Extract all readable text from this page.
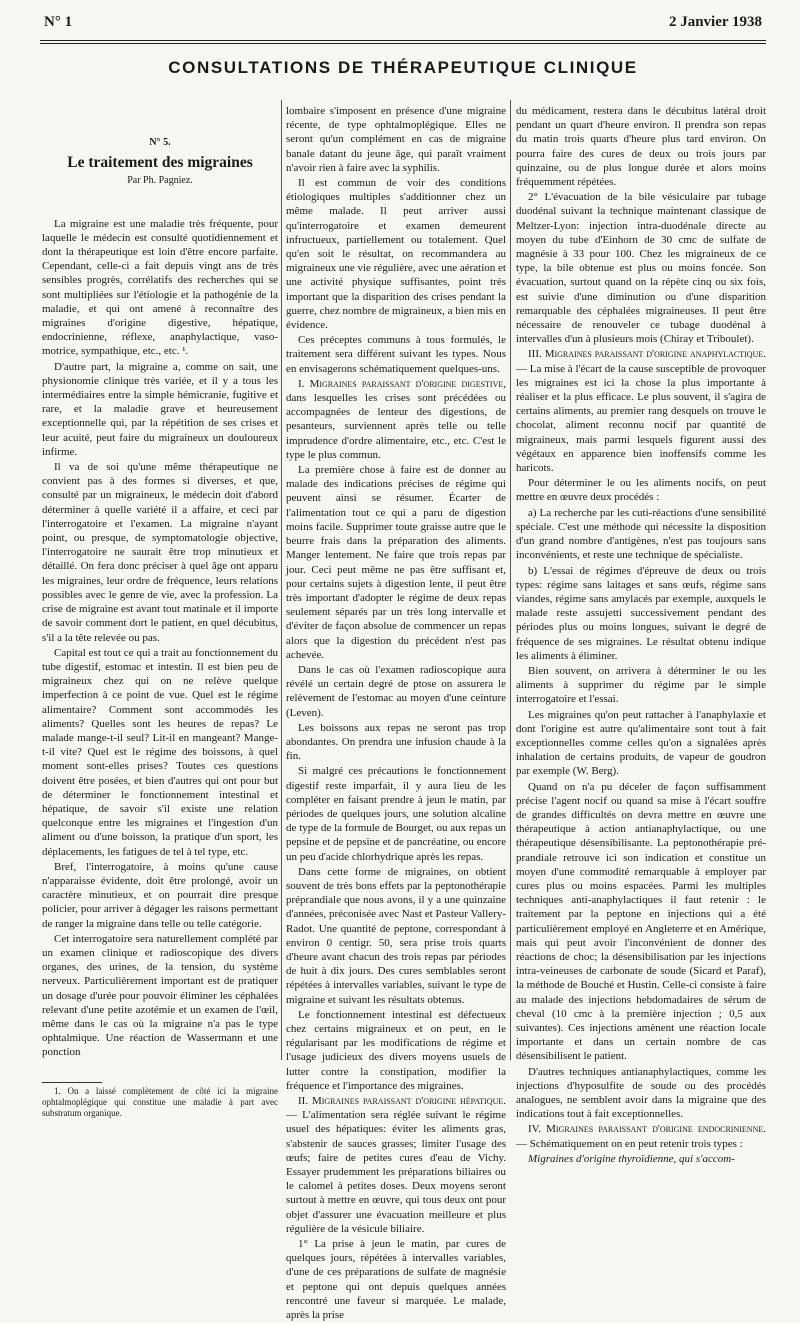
N° 1	2 Janvier 1938
CONSULTATIONS DE THÉRAPEUTIQUE CLINIQUE
N° 5.
Le traitement des migraines
Par Ph. Pagniez.

La migraine est une maladie très fréquente, pour laquelle le médecin est consulté quotidiennement et dont la thérapeutique est loin d'être encore parfaite. Cependant, celle-ci a fait depuis vingt ans de très sensibles progrès, corrélatifs des recherches qui se sont multipliées sur l'étiologie et la pathogénie de la maladie, et qui ont amené à reconnaître des migraines d'origine digestive, hépatique, endocrinienne, réflexe, anaphylactique, vaso-motrice, sympathique, etc., etc. ¹.

D'autre part, la migraine a, comme on sait, une physionomie clinique très variée, et il y a tous les intermédiaires entre la simple hémicranie, fugitive et rare, et la maladie grave et heureusement exceptionnelle qui, par la répétition de ses crises et leur acuité, peut faire du migraineux un douloureux infirme.

Il va de soi qu'une même thérapeutique ne convient pas à des formes si diverses, et que, consulté par un migraineux, le médecin doit d'abord déterminer à quelle variété il a affaire, et ceci par l'interrogatoire et l'examen. La migraine n'ayant point, ou presque, de symptomatologie objective, l'interrogatoire ne saurait être trop minutieux et détaillé. On fera donc préciser à quel âge ont apparu les migraines, leur ordre de fréquence, leurs relations possibles avec le genre de vie, avec la profession. La crise de migraine est avant tout matinale et il importe de savoir comment dort le patient, en quel décubitus, s'il a la tête relevée ou pas.

Capital est tout ce qui a trait au fonctionnement du tube digestif, estomac et intestin. Il est bien peu de migraineux chez qui on ne relève quelque imperfection à ce point de vue. Quel est le régime alimentaire? Comment sont accommodés les aliments? Quelles sont les heures de repas? Le malade mange-t-il seul? Lit-il en mangeant? Mange-t-il vite? Quel est le régime des boissons, à quel moment sont-elles prises? Toutes ces questions doivent être posées, et bien d'autres qui ont pour but de déterminer le fonctionnement intestinal et hépatique, de savoir s'il existe une relation quelconque entre les migraines et l'ingestion d'un aliment ou d'une boisson, la pratique d'un sport, les déplacements, les fatigues de tel à tel type, etc.

Bref, l'interrogatoire, à moins qu'une cause n'apparaisse évidente, doit être prolongé, avoir un caractère minutieux, et on pourrait dire presque policier, pour arriver à dégager les raisons permettant de ranger la migraine dans telle ou telle catégorie.

Cet interrogatoire sera naturellement complété par un examen clinique et radioscopique des divers organes, des urines, de la tension, du système nerveux. Particulièrement important est de pratiquer un dosage d'urée pour pouvoir éliminer les céphalées relevant d'une petite azotémie et un examen de l'œil, même dans le cas où la migraine n'a pas le type ophtalmique. Une réaction de Wassermann et une ponction

1. On a laissé complètement de côté ici la migraine ophtalmoplégique qui constitue une maladie à part avec substratum organique.

lombaire s'imposent en présence d'une migraine récente, de type ophtalmoplégique. Elles ne seront qu'un complément en cas de migraine banale datant du jeune âge, qui paraît vraiment n'avoir rien à faire avec la syphilis.

Il est commun de voir des conditions étiologiques multiples s'additionner chez un même malade. Il peut arriver aussi qu'interrogatoire et examen demeurent infructueux, partiellement ou totalement. Quel qu'en soit le résultat, on recommandera au migraineux une vie régulière, avec une aération et une activité physique suffisantes, point très important que la disparition des crises pendant la guerre, chez nombre de migraineux, a bien mis en évidence.

Ces préceptes communs à tous formulés, le traitement sera différent suivant les types. Nous en envisagerons schématiquement quelques-uns.

I. Migraines paraissant d'origine digestive, dans lesquelles les crises sont précédées ou accompagnées de lenteur des digestions, de pesanteurs, surviennent après telle ou telle imprudence d'ordre alimentaire, etc., etc. C'est le type le plus commun.

La première chose à faire est de donner au malade des indications précises de régime qui peuvent ainsi se résumer. Écarter de l'alimentation tout ce qui a paru de digestion moins facile. Supprimer toute graisse autre que le beurre frais dans la préparation des aliments. Manger lentement. Ne faire que trois repas par jour. Ceci peut même ne pas être suffisant et, pour certains sujets à digestion lente, il peut être très important d'adopter le régime de deux repas seulement séparés par un très long intervalle et d'éviter de façon absolue de commencer un repas alors que la digestion du précédent n'est pas achevée.

Dans le cas où l'examen radioscopique aura révélé un certain degré de ptose on assurera le relèvement de l'estomac au moyen d'une ceinture (Leven).

Les boissons aux repas ne seront pas trop abondantes. On prendra une infusion chaude à la fin.

Si malgré ces précautions le fonctionnement digestif reste imparfait, il y aura lieu de les compléter en faisant prendre à jeun le matin, par périodes de quelques jours, une solution alcaline de type de la formule de Bourget, ou aux repas un pepsine et de pepsine et de pancréatine, ou encore un peu d'acide chlorhydrique après les repas.

Dans cette forme de migraines, on obtient souvent de très bons effets par la peptonothérapie préprandiale que nous avons, il y a une quinzaine d'années, préconisée avec Nast et Pasteur Vallery-Radot. Une quantité de peptone, correspondant à environ 0 centigr. 50, sera prise trois quarts d'heure avant chacun des trois repas par périodes de huit à dix jours. Des cures semblables seront répétées à intervalles variables, suivant le type de migraine et suivant les résultats obtenus.

Le fonctionnement intestinal est défectueux chez certains migraineux et on peut, en le régularisant par les modifications de régime et l'usage judicieux des divers moyens usuels de lutter contre la constipation, modifier la fréquence et l'importance des migraines.

II. Migraines paraissant d'origine hépatique. — L'alimentation sera réglée suivant le régime usuel des hépatiques: éviter les aliments gras, s'abstenir de sauces grasses; limiter l'usage des œufs; faire de petites cures d'eau de Vichy. Essayer prudemment les préparations biliaires ou le calomel à petites doses. Deux moyens seront surtout à mettre en œuvre, qui tous deux ont pour objet d'assurer une évacuation meilleure et plus régulière de la vésicule biliaire.

1° La prise à jeun le matin, par cures de quelques jours, répétées à intervalles variables, d'une de ces préparations de sulfate de magnésie et peptone qui ont depuis quelques années rencontré une faveur si marquée. Le malade, après la prise

du médicament, restera dans le décubitus latéral droit pendant un quart d'heure environ. Il prendra son repas du matin trois quarts d'heure plus tard environ. On pourra faire des cures de deux ou trois jours par quinzaine, ou de plus longue durée et alors moins fréquemment répétées.

2° L'évacuation de la bile vésiculaire par tubage duodénal suivant la technique maintenant classique de Meltzer-Lyon: injection intra-duodénale directe au moyen du tube d'Einhorn de 30 cmc de sulfate de magnésie à 33 pour 100. Chez les migraineux de ce type, la bile obtenue est plus ou moins foncée. Son évacuation, surtout quand on la répète cinq ou six fois, est suivie d'une diminution ou d'une disparition remarquable des céphalées migraineuses. Il peut être nécessaire de renouveler ce tubage duodénal à intervalles d'un à plusieurs mois (Chiray et Triboulet).

III. Migraines paraissant d'origine anaphylactique. — La mise à l'écart de la cause susceptible de provoquer les migraines est ici la chose la plus importante à réaliser et la plus efficace. Le plus souvent, il s'agira de certains aliments, au premier rang desquels on trouve le chocolat, aliment reconnu nocif par quantité de migraineux, mais parmi lesquels figurent aussi des végétaux en apparence bien inoffensifs comme les haricots.

Pour déterminer le ou les aliments nocifs, on peut mettre en œuvre deux procédés :

a) La recherche par les cuti-réactions d'une sensibilité spéciale. C'est une méthode qui nécessite la disposition d'un grand nombre d'antigènes, n'est pas toujours sans inconvénients, et reste une technique de spécialiste.

b) L'essai de régimes d'épreuve de deux ou trois types: régime sans laitages et sans œufs, régime sans viandes, régime sans amylacés par exemple, auxquels le malade reste assujetti successivement pendant des périodes plus ou moins longues, suivant le degré de fréquence de ses migraines. Le résultat obtenu indique les aliments à éliminer.

Bien souvent, on arrivera à déterminer le ou les aliments à supprimer du régime par le simple interrogatoire et l'essai.

Les migraines qu'on peut rattacher à l'anaphylaxie et dont l'origine est autre qu'alimentaire sont tout à fait exceptionnelles comme celles qu'on a signalées après inhalation de certains produits, de vapeur de goudron par exemple (W. Berg).

Quand on n'a pu déceler de façon suffisamment précise l'agent nocif ou quand sa mise à l'écart souffre de grandes difficultés on devra mettre en œuvre une thérapeutique à action antianaphylactique, ou une thérapeutique désensibilisante. La peptonothérapie pré-prandiale retrouve ici son indication et constitue un moyen d'une commodité remarquable à employer par cures plus ou moins espacées. Parmi les multiples techniques anti-anaphylactiques il faut retenir : le traitement par la peptone en injections qui a été particulièrement employé en Angleterre et en Amérique, mais qui peut avoir l'inconvénient de donner des réactions de choc; la désensibilisation par les injections intra-veineuses de carbonate de soude (Sicard et Paraf), la méthode de Bouché et Hustin. Celle-ci consiste à faire au malade des injections hebdomadaires de sérum de cheval (10 cmc à la première injection ; 0,5 aux suivantes). Ces injections amènent une réaction locale importante et dans un certain nombre de cas désensibilisent le patient.

D'autres techniques antianaphylactiques, comme les injections d'hyposulfite de soude ou des procédés analogues, ne semblent avoir dans la migraine que des indications tout à fait exceptionnelles.

IV. Migraines paraissant d'origine endocrinienne. — Schématiquement on en peut retenir trois types :

Migraines d'origine thyroïdienne, qui s'accom-
